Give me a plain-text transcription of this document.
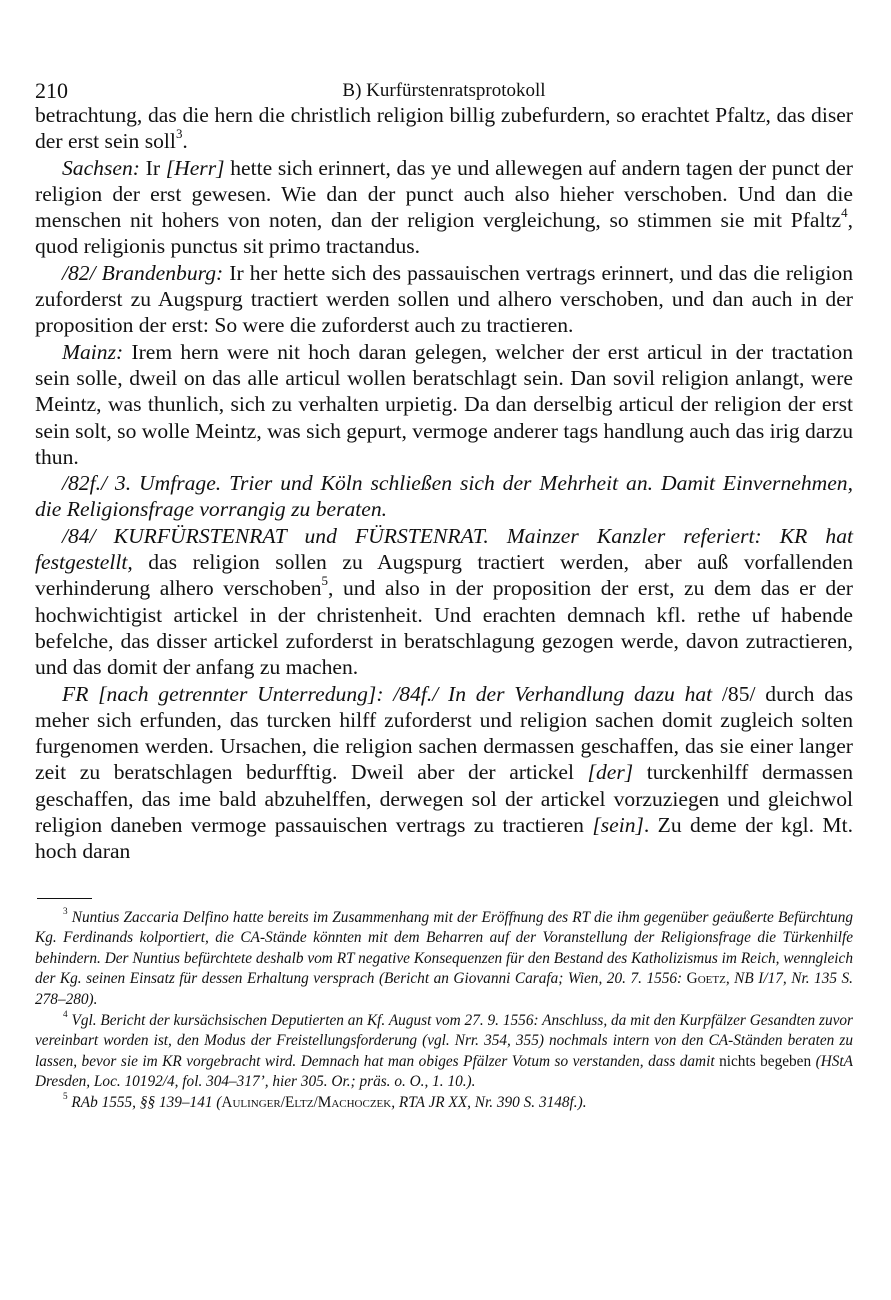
210	B) Kurfürstenratsprotokoll

betrachtung, das die hern die christlich religion billig zubefurdern, so erachtet Pfaltz, das diser der erst sein soll$^3$.

Sachsen: Ir [Herr] hette sich erinnert, das ye und allewegen auf andern tagen der punct der religion der erst gewesen. Wie dan der punct auch also hieher verschoben. Und dan die menschen nit hohers von noten, dan der religion vergleichung, so stimmen sie mit Pfaltz$^4$, quod religionis punctus sit primo tractandus.

/82/ Brandenburg: Ir her hette sich des passauischen vertrags erinnert, und das die religion zuforderst zu Augspurg tractiert werden sollen und alhero verschoben, und dan auch in der proposition der erst: So were die zuforderst auch zu tractieren.

Mainz: Irem hern were nit hoch daran gelegen, welcher der erst articul in der tractation sein solle, dweil on das alle articul wollen beratschlagt sein. Dan sovil religion anlangt, were Meintz, was thunlich, sich zu verhalten urpietig. Da dan derselbig articul der religion der erst sein solt, so wolle Meintz, was sich gepurt, vermoge anderer tags handlung auch das irig darzu thun.

/82f./ 3. Umfrage. Trier und Köln schließen sich der Mehrheit an. Damit Einvernehmen, die Religionsfrage vorrangig zu beraten.

/84/ KURFÜRSTENRAT und FÜRSTENRAT. Mainzer Kanzler referiert: KR hat festgestellt, das religion sollen zu Augspurg tractiert werden, aber auß vorfallenden verhinderung alhero verschoben$^5$, und also in der proposition der erst, zu dem das er der hochwichtigist artickel in der christenheit. Und erachten demnach kfl. rethe uf habende befelche, das disser artickel zuforderst in beratschlagung gezogen werde, davon zutractieren, und das domit der anfang zu machen.

FR [nach getrennter Unterredung]: /84f./ In der Verhandlung dazu hat /85/ durch das meher sich erfunden, das turcken hilff zuforderst und religion sachen domit zugleich solten furgenomen werden. Ursachen, die religion sachen dermassen geschaffen, das sie einer langer zeit zu beratschlagen bedurfftig. Dweil aber der artickel [der] turckenhilff dermassen geschaffen, das ime bald abzuhelffen, derwegen sol der artickel vorzuziegen und gleichwol religion daneben vermoge passauischen vertrags zu tractieren [sein]. Zu deme der kgl. Mt. hoch daran

$^3$ Nuntius Zaccaria Delfino hatte bereits im Zusammenhang mit der Eröffnung des RT die ihm gegenüber geäußerte Befürchtung Kg. Ferdinands kolportiert, die CA-Stände könnten mit dem Beharren auf der Voranstellung der Religionsfrage die Türkenhilfe behindern. Der Nuntius befürchtete deshalb vom RT negative Konsequenzen für den Bestand des Katholizismus im Reich, wenngleich der Kg. seinen Einsatz für dessen Erhaltung versprach (Bericht an Giovanni Carafa; Wien, 20. 7. 1556: Goetz, NB I/17, Nr. 135 S. 278–280).

$^4$ Vgl. Bericht der kursächsischen Deputierten an Kf. August vom 27. 9. 1556: Anschluss, da mit den Kurpfälzer Gesandten zuvor vereinbart worden ist, den Modus der Freistellungsforderung (vgl. Nrr. 354, 355) nochmals intern von den CA-Ständen beraten zu lassen, bevor sie im KR vorgebracht wird. Demnach hat man obiges Pfälzer Votum so verstanden, dass damit nichts begeben (HStA Dresden, Loc. 10192/4, fol. 304–317’, hier 305. Or.; präs. o. O., 1. 10.).

$^5$ RAb 1555, §§ 139–141 (Aulinger/Eltz/Machoczek, RTA JR XX, Nr. 390 S. 3148f.).
